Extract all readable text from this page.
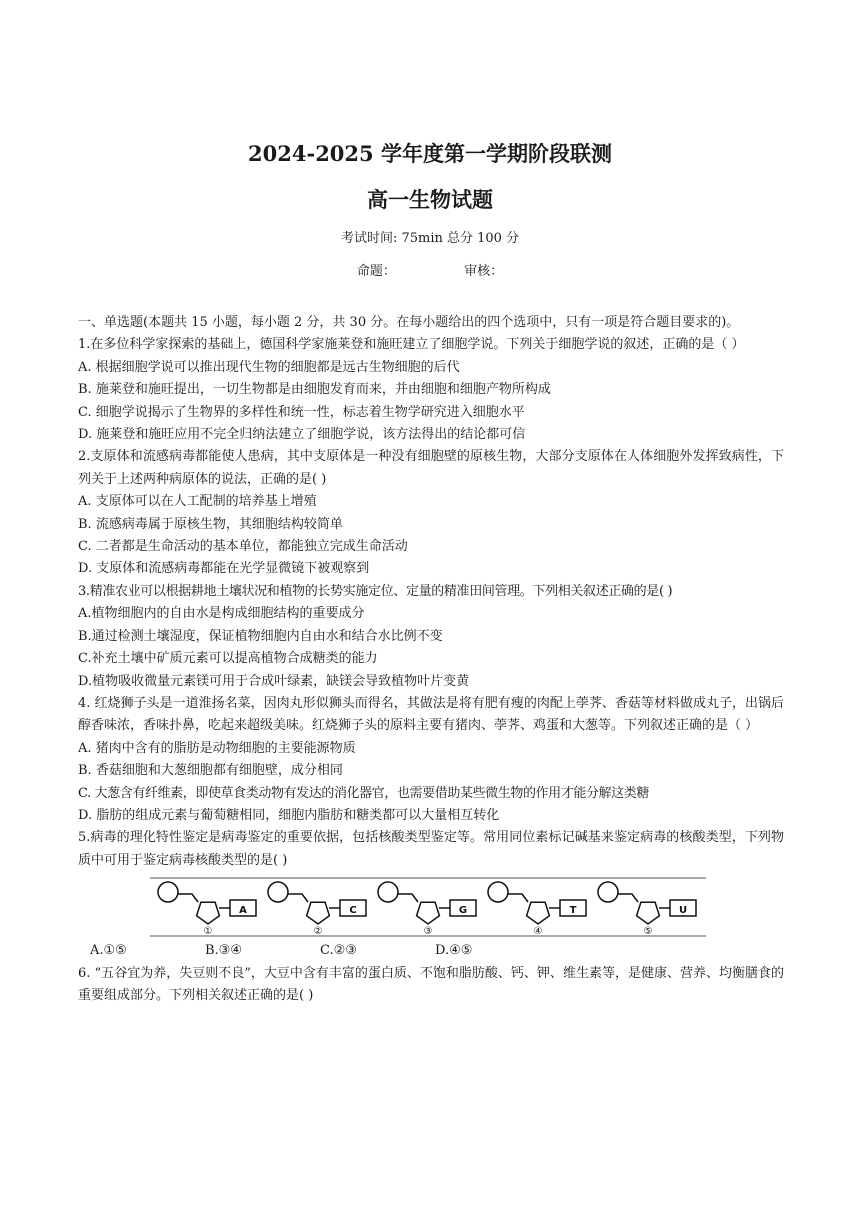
2024-2025 学年度第一学期阶段联测
高一生物试题
考试时间: 75min 总分 100 分
命题：	审核：
一、单选题(本题共 15 小题，每小题 2 分，共 30 分。在每小题给出的四个选项中，只有一项是符合题目要求的)。
1.在多位科学家探索的基础上，德国科学家施莱登和施旺建立了细胞学说。下列关于细胞学说的叙述，正确的是（ ）
A. 根据细胞学说可以推出现代生物的细胞都是远古生物细胞的后代
B. 施莱登和施旺提出，一切生物都是由细胞发育而来，并由细胞和细胞产物所构成
C. 细胞学说揭示了生物界的多样性和统一性，标志着生物学研究进入细胞水平
D. 施莱登和施旺应用不完全归纳法建立了细胞学说，该方法得出的结论都可信
2.支原体和流感病毒都能使人患病，其中支原体是一种没有细胞壁的原核生物，大部分支原体在人体细胞外发挥致病性，下列关于上述两种病原体的说法，正确的是( )
A. 支原体可以在人工配制的培养基上增殖
B. 流感病毒属于原核生物，其细胞结构较简单
C. 二者都是生命活动的基本单位，都能独立完成生命活动
D. 支原体和流感病毒都能在光学显微镜下被观察到
3.精准农业可以根据耕地土壤状况和植物的长势实施定位、定量的精准田间管理。下列相关叙述正确的是( )
A.植物细胞内的自由水是构成细胞结构的重要成分
B.通过检测土壤湿度，保证植物细胞内自由水和结合水比例不变
C.补充土壤中矿质元素可以提高植物合成糖类的能力
D.植物吸收微量元素镁可用于合成叶绿素，缺镁会导致植物叶片变黄
4. 红烧狮子头是一道淮扬名菜，因肉丸形似狮头而得名，其做法是将有肥有瘦的肉配上荸荠、香菇等材料做成丸子，出锅后醇香味浓，香味扑鼻，吃起来超级美味。红烧狮子头的原料主要有猪肉、荸荠、鸡蛋和大葱等。下列叙述正确的是（ ）
A. 猪肉中含有的脂肪是动物细胞的主要能源物质
B. 香菇细胞和大葱细胞都有细胞壁，成分相同
C. 大葱含有纤维素，即使草食类动物有发达的消化器官，也需要借助某些微生物的作用才能分解这类糖
D. 脂肪的组成元素与葡萄糖相同，细胞内脂肪和糖类都可以大量相互转化
5.病毒的理化特性鉴定是病毒鉴定的重要依据，包括核酸类型鉴定等。常用同位素标记碱基来鉴定病毒的核酸类型，下列物质中可用于鉴定病毒核酸类型的是( )
A
①
C
②
G
③
T
④
U
⑤
A.①⑤	B.③④	C.②③	D.④⑤
6. “五谷宜为养，失豆则不良”，大豆中含有丰富的蛋白质、不饱和脂肪酸、钙、钾、维生素等，是健康、营养、均衡膳食的重要组成部分。下列相关叙述正确的是( )
